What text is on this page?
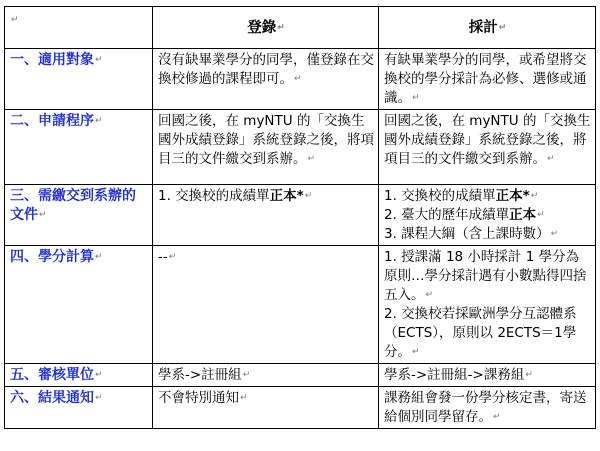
↵	登錄↵	採計↵
一、適用對象↵	沒有缺畢業學分的同學，僅登錄在交換校修過的課程即可。↵	有缺畢業學分的同學，或希望將交換校的學分採計為必修、選修或通識。↵
二、申請程序↵	回國之後，在 myNTU 的「交換生國外成績登錄」系統登錄之後，將項目三的文件繳交到系辦。↵	回國之後，在 myNTU 的「交換生國外成績登錄」系統登錄之後，將項目三的文件繳交到系辦。↵
三、需繳交到系辦的文件↵	1. 交換校的成績單正本*↵	1. 交換校的成績單正本*↵
2. 臺大的歷年成績單正本↵
3. 課程大綱（含上課時數）↵

四、學分計算↵	--↵	1. 授課滿 18 小時採計 1 學分為原則…學分採計遇有小數點得四捨五入。↵
2. 交換校若採歐洲學分互認體系（ECTS），原則以 2ECTS＝1學分。↵

五、審核單位↵	學系->註冊組↵	學系->註冊組->課務組↵
六、結果通知↵	不會特別通知↵	課務組會發一份學分核定書，寄送給個別同學留存。↵
